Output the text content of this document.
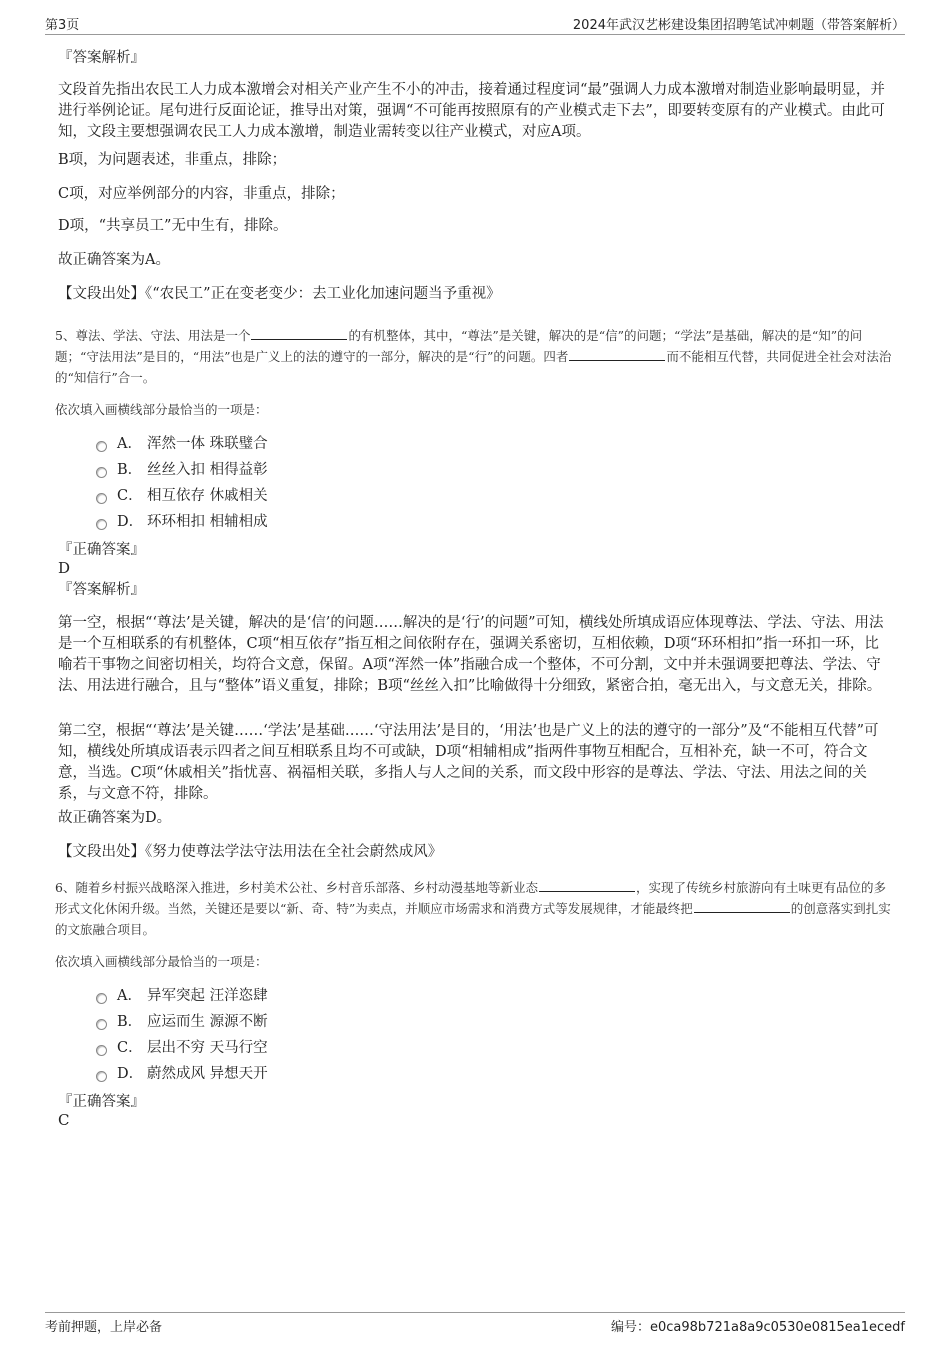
第3页	2024年武汉艺彬建设集团招聘笔试冲刺题（带答案解析）
『答案解析』
文段首先指出农民工人力成本激增会对相关产业产生不小的冲击，接着通过程度词“最”强调人力成本激增对制造业影响最明显，并进行举例论证。尾句进行反面论证，推导出对策，强调“不可能再按照原有的产业模式走下去”，即要转变原有的产业模式。由此可知，文段主要想强调农民工人力成本激增，制造业需转变以往产业模式，对应A项。
B项，为问题表述，非重点，排除；
C项，对应举例部分的内容，非重点，排除；
D项，“共享员工”无中生有，排除。
故正确答案为A。
【文段出处】《“农民工”正在变老变少：去工业化加速问题当予重视》
5、尊法、学法、守法、用法是一个	的有机整体，其中，“尊法”是关键，解决的是“信”的问题；“学法”是基础，解决的是“知”的问题；“守法用法”是目的，“用法”也是广义上的法的遵守的一部分，解决的是“行”的问题。四者	而不能相互代替，共同促进全社会对法治的“知信行”合一。
依次填入画横线部分最恰当的一项是：
A． 浑然一体 珠联璧合
B． 丝丝入扣 相得益彰
C． 相互依存 休戚相关
D． 环环相扣 相辅相成
『正确答案』
D
『答案解析』
第一空，根据“‘尊法’是关键，解决的是‘信’的问题……解决的是‘行’的问题”可知，横线处所填成语应体现尊法、学法、守法、用法是一个互相联系的有机整体，C项“相互依存”指互相之间依附存在，强调关系密切，互相依赖，D项“环环相扣”指一环扣一环，比喻若干事物之间密切相关，均符合文意，保留。A项“浑然一体”指融合成一个整体，不可分割，文中并未强调要把尊法、学法、守法、用法进行融合，且与“整体”语义重复，排除；B项“丝丝入扣”比喻做得十分细致，紧密合拍，毫无出入，与文意无关，排除。
第二空，根据“‘尊法’是关键……‘学法’是基础……‘守法用法’是目的，‘用法’也是广义上的法的遵守的一部分”及“不能相互代替”可知，横线处所填成语表示四者之间互相联系且均不可或缺，D项“相辅相成”指两件事物互相配合，互相补充，缺一不可，符合文意，当选。C项“休戚相关”指忧喜、祸福相关联，多指人与人之间的关系，而文段中形容的是尊法、学法、守法、用法之间的关系，与文意不符，排除。
故正确答案为D。
【文段出处】《努力使尊法学法守法用法在全社会蔚然成风》
6、随着乡村振兴战略深入推进，乡村美术公社、乡村音乐部落、乡村动漫基地等新业态	，实现了传统乡村旅游向有土味更有品位的多形式文化休闲升级。当然，关键还是要以“新、奇、特”为卖点，并顺应市场需求和消费方式等发展规律，才能最终把	的创意落实到扎实的文旅融合项目。
依次填入画横线部分最恰当的一项是：
A． 异军突起 汪洋恣肆
B． 应运而生 源源不断
C． 层出不穷 天马行空
D． 蔚然成风 异想天开
『正确答案』
C
考前押题，上岸必备	编号：e0ca98b721a8a9c0530e0815ea1ecedf
